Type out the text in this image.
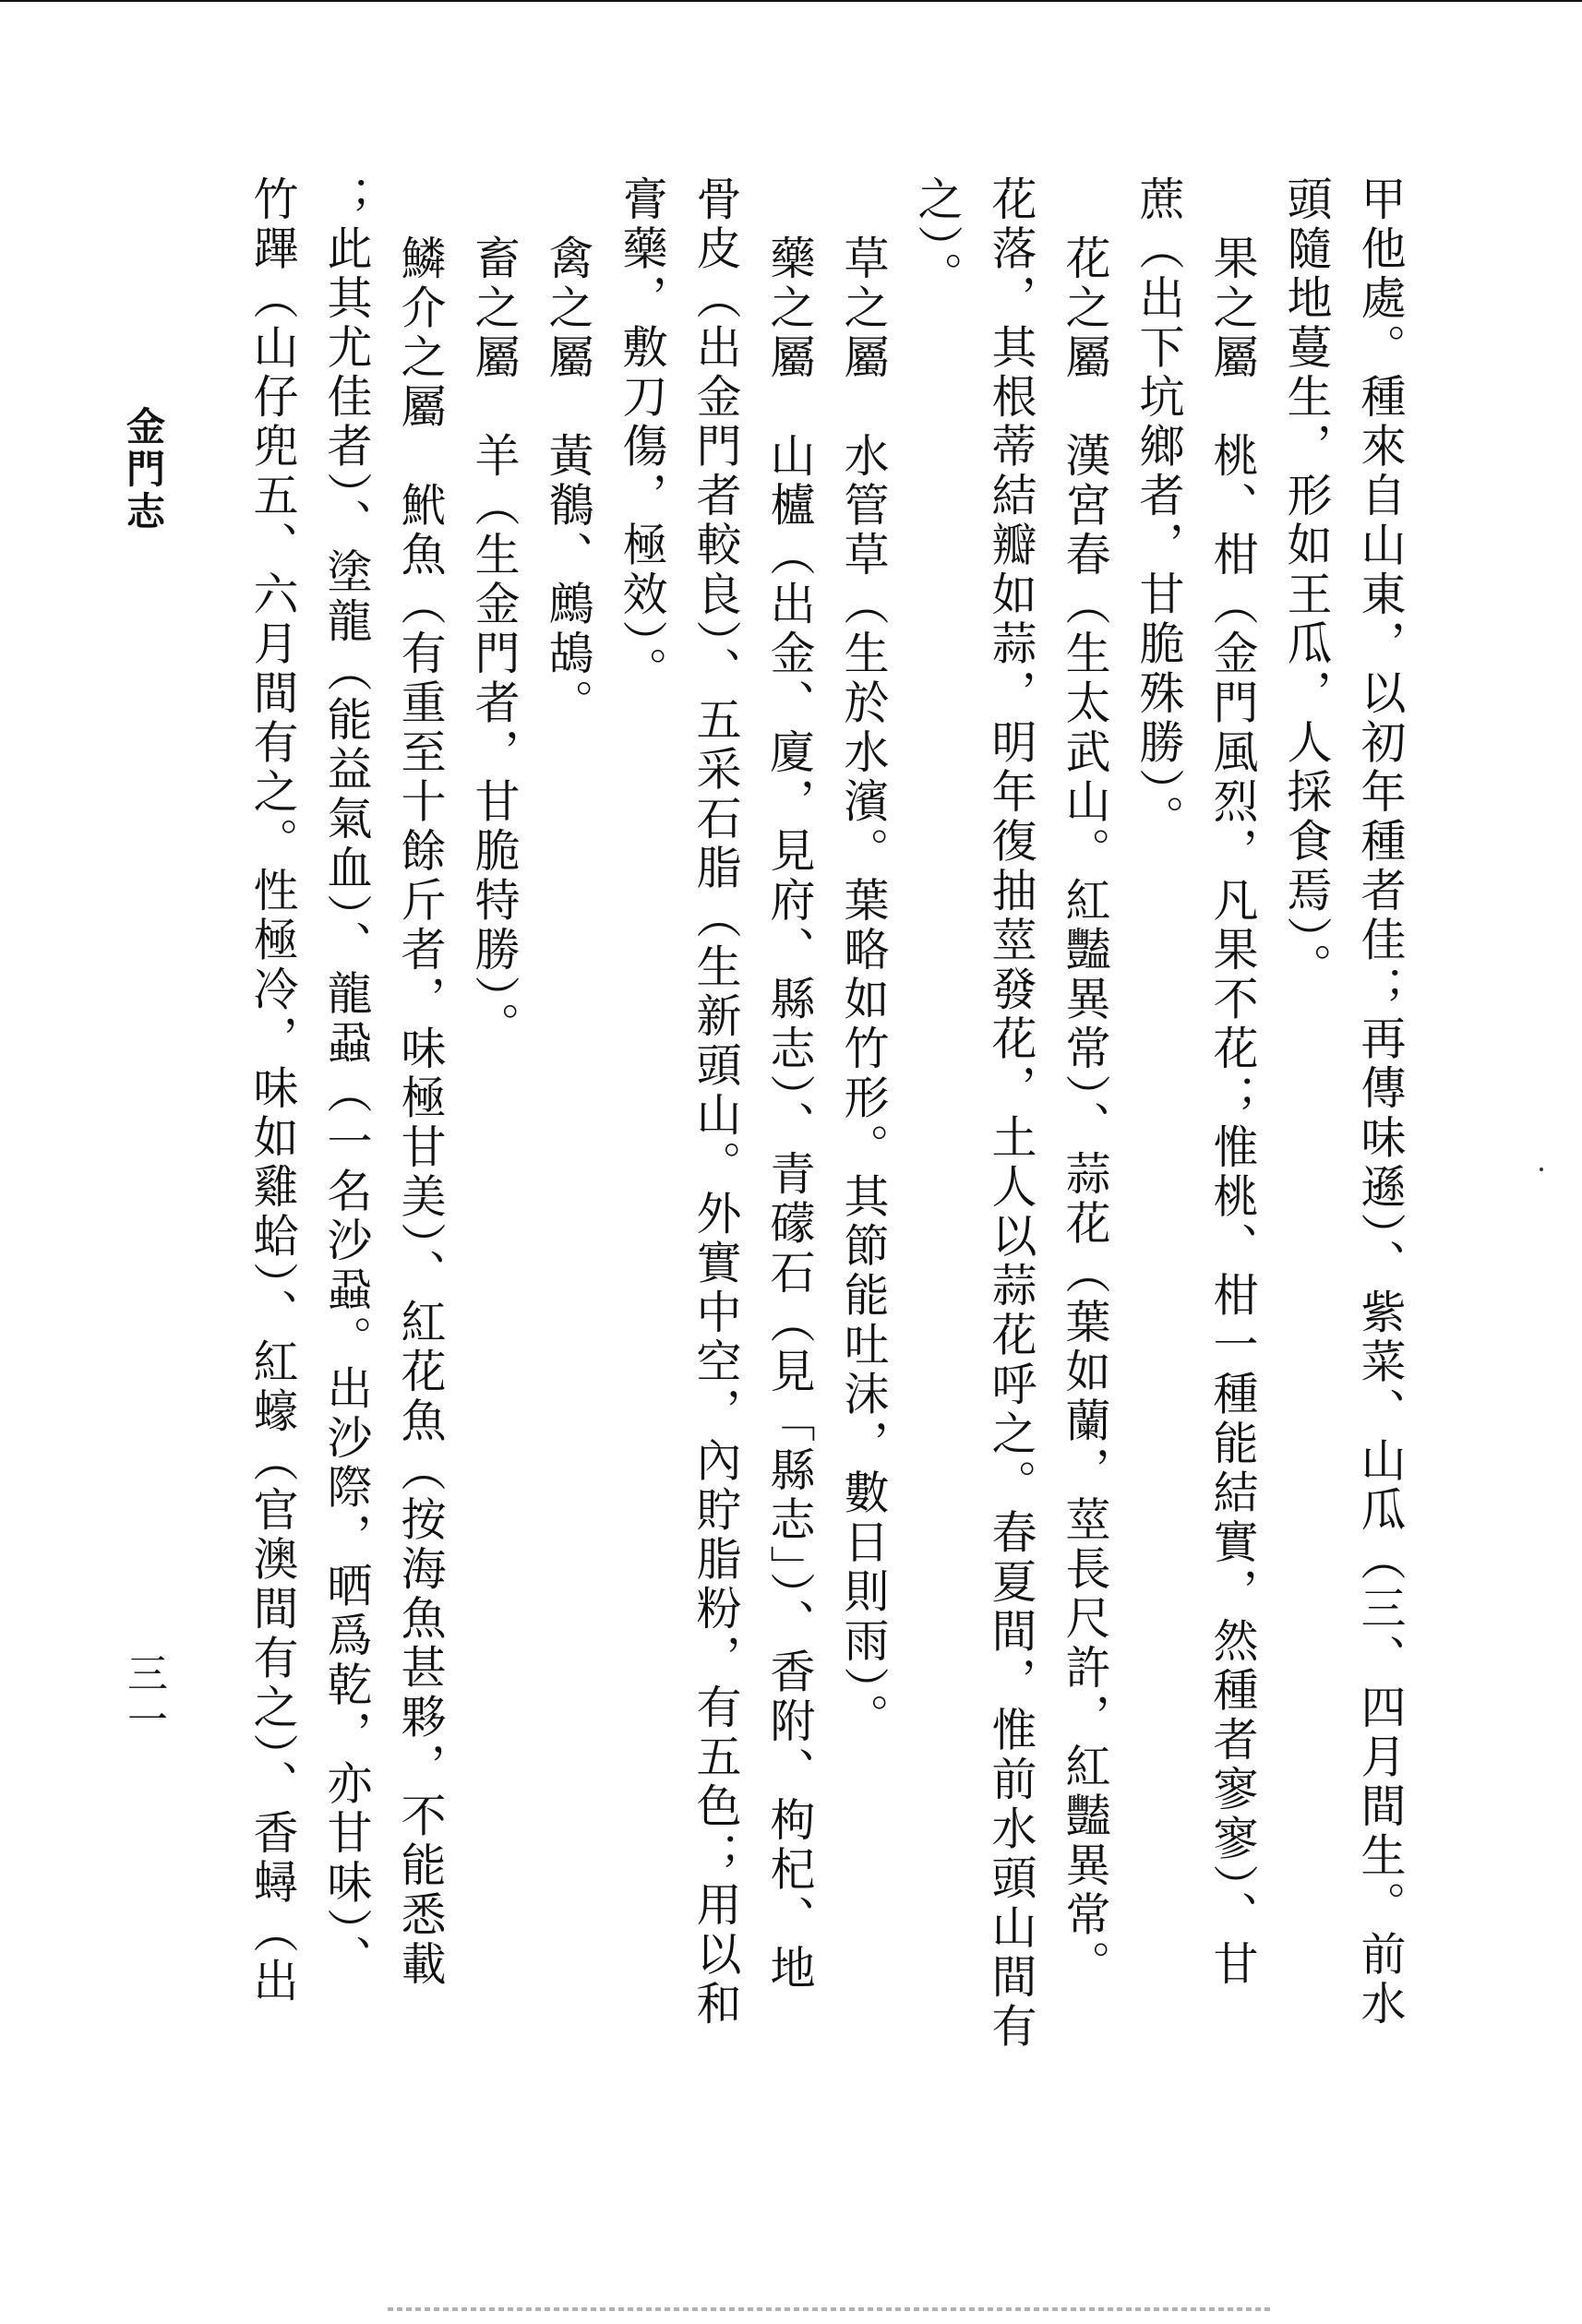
金門志
三一	甲他處。種來自山東，以初年種者佳；再傳味遜）、紫菜、山瓜（三、四月間生。前水
頭隨地蔓生，形如王瓜，人採食焉）。
果之屬　桃、柑（金門風烈，凡果不花；惟桃、柑一種能結實，然種者寥寥）、甘
蔗（出下坑鄉者，甘脆殊勝）。
花之屬　漢宮春（生太武山。紅豔異常）、蒜花（葉如蘭，莖長尺許，紅豔異常。
花落，其根蒂結瓣如蒜，明年復抽莖發花，土人以蒜花呼之。春夏間，惟前水頭山間有
之）。
草之屬　水管草（生於水濱。葉略如竹形。其節能吐沫，數日則雨）。
藥之屬　山櫨（出金、廈，見府、縣志）、青礞石（見「縣志」）、香附、枸杞、地
骨皮（出金門者較良）、五采石脂（生新頭山。外實中空，內貯脂粉，有五色；用以和
膏藥，敷刀傷，極效）。
禽之屬　黃鶺、鷓鴣。
畜之屬　羊（生金門者，甘脆特勝）。
鱗介之屬　鮘魚（有重至十餘斤者，味極甘美）、紅花魚（按海魚甚夥，不能悉載
；此其尤佳者）、塗龍（能益氣血）、龍蝨（一名沙蝨。出沙際，晒爲乾，亦甘味）、
竹蹕（山仔兜五、六月間有之。性極冷，味如雞蛤）、紅蠔（官澳間有之）、香蟳（出
